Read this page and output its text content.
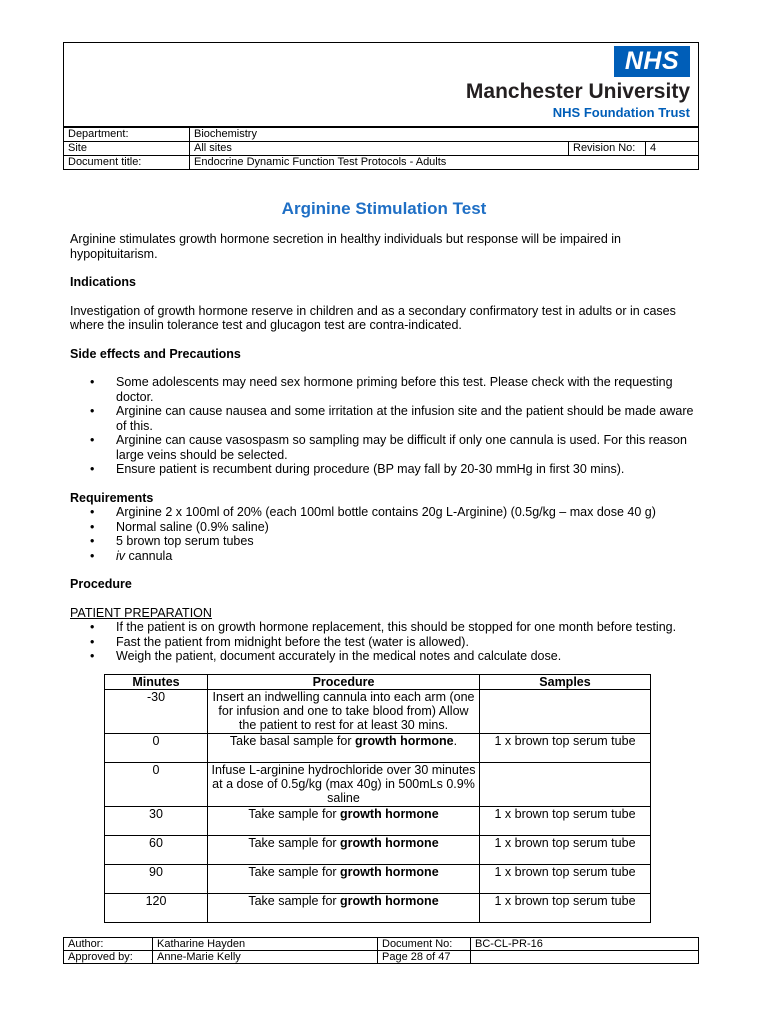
NHS
Manchester University
NHS Foundation Trust
Department:	Biochemistry		
Site	All sites	Revision No:	4
Document title:	Endocrine Dynamic Function Test Protocols - Adults		
Arginine Stimulation Test

Arginine stimulates growth hormone secretion in healthy individuals but response will be impaired in hypopituitarism.

Indications

Investigation of growth hormone reserve in children and as a secondary confirmatory test in adults or in cases where the insulin tolerance test and glucagon test are contra-indicated.

Side effects and Precautions

• Some adolescents may need sex hormone priming before this test. Please check with the requesting doctor.
• Arginine can cause nausea and some irritation at the infusion site and the patient should be made aware of this.
• Arginine can cause vasospasm so sampling may be difficult if only one cannula is used. For this reason large veins should be selected.
• Ensure patient is recumbent during procedure (BP may fall by 20-30 mmHg in first 30 mins).

Requirements

• Arginine 2 x 100ml of 20% (each 100ml bottle contains 20g L-Arginine) (0.5g/kg – max dose 40 g)
• Normal saline (0.9% saline)
• 5 brown top serum tubes
• iv cannula

Procedure

PATIENT PREPARATION

• If the patient is on growth hormone replacement, this should be stopped for one month before testing.
• Fast the patient from midnight before the test (water is allowed).
• Weigh the patient, document accurately in the medical notes and calculate dose.
Minutes	Procedure	Samples
-30	Insert an indwelling cannula into each arm (one for infusion and one to take blood from) Allow the patient to rest for at least 30 mins.	
0	Take basal sample for growth hormone.	1 x brown top serum tube
0	Infuse L-arginine hydrochloride over 30 minutes at a dose of 0.5g/kg (max 40g) in 500mLs 0.9% saline	
30	Take sample for growth hormone	1 x brown top serum tube
60	Take sample for growth hormone	1 x brown top serum tube
90	Take sample for growth hormone	1 x brown top serum tube
120	Take sample for growth hormone	1 x brown top serum tube
Author:	Katharine Hayden	Document No:	BC-CL-PR-16
Approved by:	Anne-Marie Kelly	Page 28 of 47	
